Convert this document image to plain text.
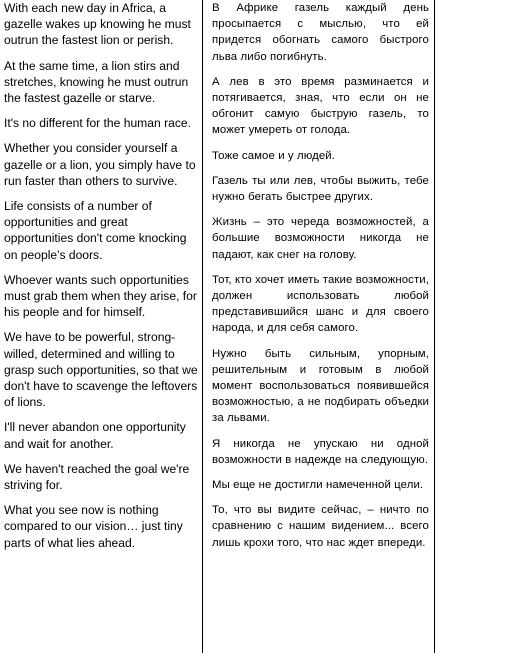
With each new day in Africa, a gazelle wakes up knowing he must outrun the fastest lion or perish.

At the same time, a lion stirs and stretches, knowing he must outrun the fastest gazelle or starve.

It's no different for the human race.

Whether you consider yourself a gazelle or a lion, you simply have to run faster than others to survive.

Life consists of a number of opportunities and great opportunities don't come knocking on people's doors.

Whoever wants such opportunities must grab them when they arise, for his people and for himself.

We have to be powerful, strong-willed, determined and willing to grasp such opportunities, so that we don't have to scavenge the leftovers of lions.

I'll never abandon one opportunity and wait for another.

We haven't reached the goal we're striving for.

What you see now is nothing compared to our vision… just tiny parts of what lies ahead.

В Африке газель каждый день просыпается с мыслью, что ей придется обогнать самого быстрого льва либо погибнуть.

А лев в это время разминается и потягивается, зная, что если он не обгонит самую быструю газель, то может умереть от голода.

Тоже самое и у людей.

Газель ты или лев, чтобы выжить, тебе нужно бегать быстрее других.

Жизнь – это череда возможностей, а большие возможности никогда не падают, как снег на голову.

Тот, кто хочет иметь такие возможности, должен использовать любой представившийся шанс и для своего народа, и для себя самого.

Нужно быть сильным, упорным, решительным и готовым в любой момент воспользоваться появившейся возможностью, а не подбирать объедки за львами.

Я никогда не упускаю ни одной возможности в надежде на следующую.

Мы еще не достигли намеченной цели.

То, что вы видите сейчас, – ничто по сравнению с нашим видением... всего лишь крохи того, что нас ждет впереди.
